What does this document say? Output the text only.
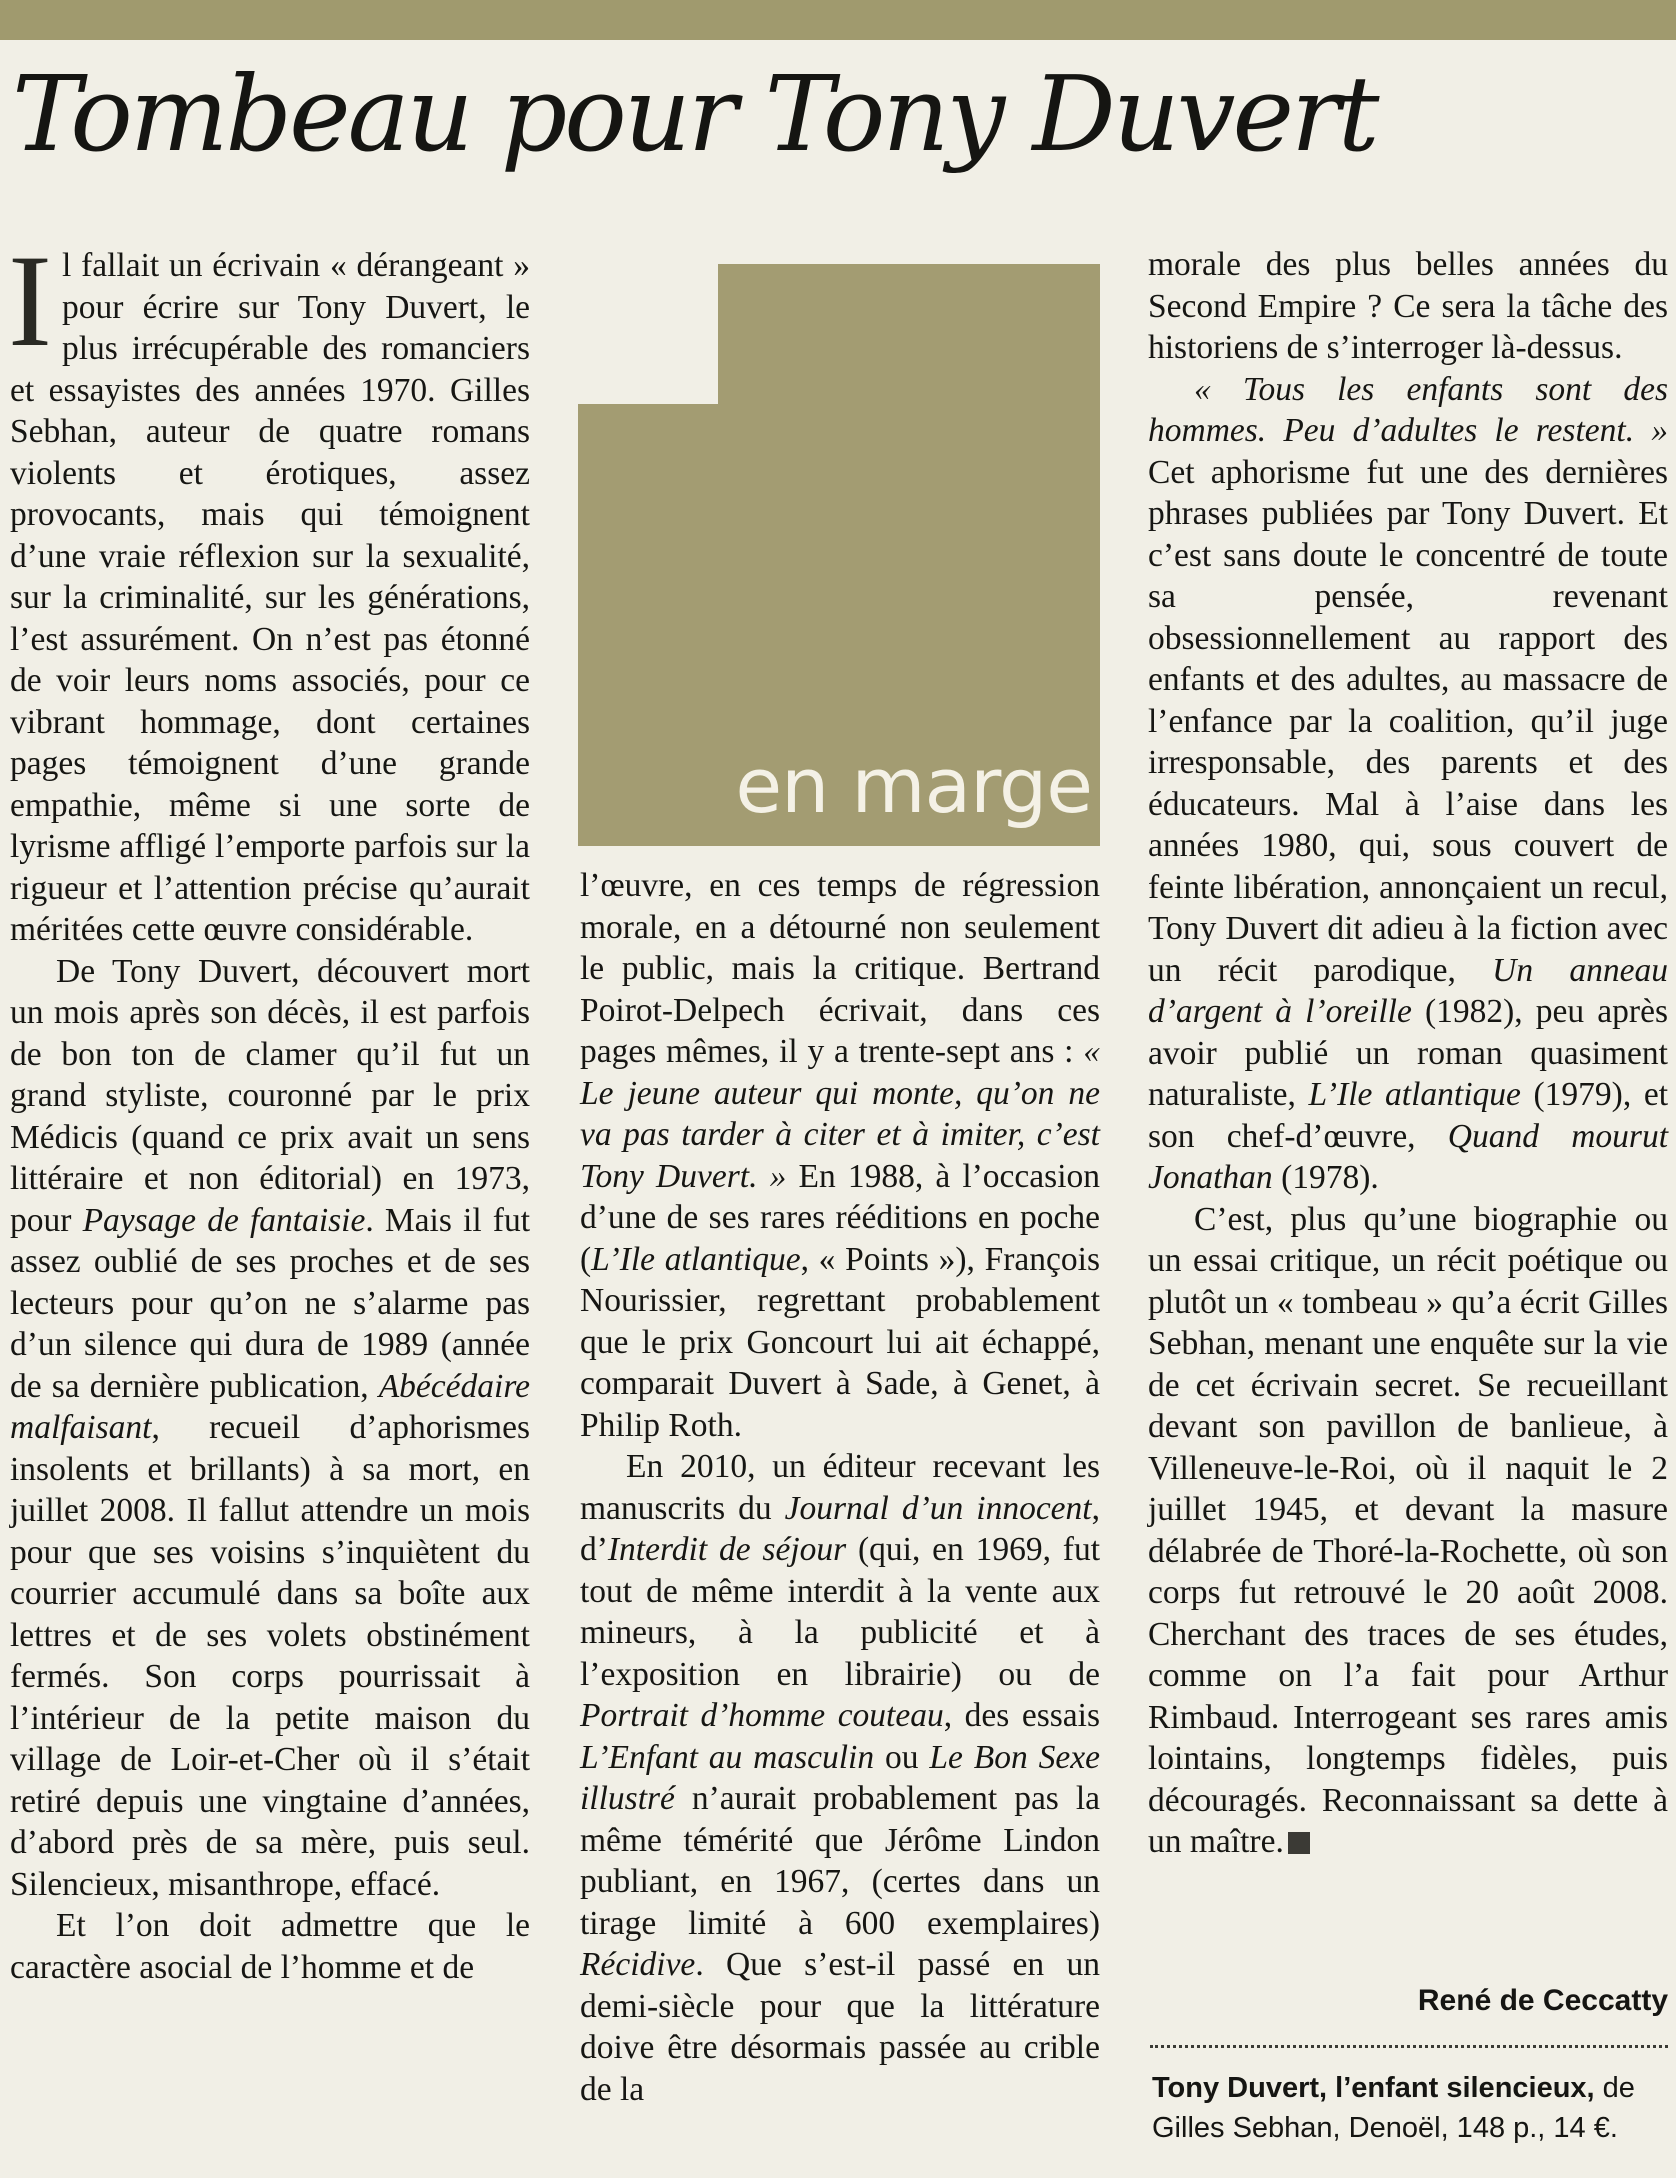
Tombeau pour Tony Duvert

Il fallait un écrivain « dérangeant » pour écrire sur Tony Duvert, le plus irrécupérable des romanciers et essayistes des années 1970. Gilles Sebhan, auteur de quatre romans violents et érotiques, assez provocants, mais qui témoignent d’une vraie réflexion sur la sexualité, sur la criminalité, sur les générations, l’est assurément. On n’est pas étonné de voir leurs noms associés, pour ce vibrant hommage, dont certaines pages témoignent d’une grande empathie, même si une sorte de lyrisme affligé l’emporte parfois sur la rigueur et l’attention précise qu’aurait méritées cette œuvre considérable.

De Tony Duvert, découvert mort un mois après son décès, il est parfois de bon ton de clamer qu’il fut un grand styliste, couronné par le prix Médicis (quand ce prix avait un sens littéraire et non éditorial) en 1973, pour Paysage de fantaisie. Mais il fut assez oublié de ses proches et de ses lecteurs pour qu’on ne s’alarme pas d’un silence qui dura de 1989 (année de sa dernière publication, Abécédaire malfaisant, recueil d’aphorismes insolents et brillants) à sa mort, en juillet 2008. Il fallut attendre un mois pour que ses voisins s’inquiètent du courrier accumulé dans sa boîte aux lettres et de ses volets obstinément fermés. Son corps pourrissait à l’intérieur de la petite maison du village de Loir-et-Cher où il s’était retiré depuis une vingtaine d’années, d’abord près de sa mère, puis seul. Silencieux, misanthrope, effacé.

Et l’on doit admettre que le caractère asocial de l’homme et de

en marge

l’œuvre, en ces temps de régression morale, en a détourné non seulement le public, mais la critique. Bertrand Poirot-Delpech écrivait, dans ces pages mêmes, il y a trente-sept ans : « Le jeune auteur qui monte, qu’on ne va pas tarder à citer et à imiter, c’est Tony Duvert. » En 1988, à l’occasion d’une de ses rares rééditions en poche (L’Ile atlantique, « Points »), François Nourissier, regrettant probablement que le prix Goncourt lui ait échappé, comparait Duvert à Sade, à Genet, à Philip Roth.

En 2010, un éditeur recevant les manuscrits du Journal d’un innocent, d’Interdit de séjour (qui, en 1969, fut tout de même interdit à la vente aux mineurs, à la publicité et à l’exposition en librairie) ou de Portrait d’homme couteau, des essais L’Enfant au masculin ou Le Bon Sexe illustré n’aurait probablement pas la même témérité que Jérôme Lindon publiant, en 1967, (certes dans un tirage limité à 600 exemplaires) Récidive. Que s’est-il passé en un demi-siècle pour que la littérature doive être désormais passée au crible de la

morale des plus belles années du Second Empire ? Ce sera la tâche des historiens de s’interroger là-dessus.

« Tous les enfants sont des hommes. Peu d’adultes le restent. » Cet aphorisme fut une des dernières phrases publiées par Tony Duvert. Et c’est sans doute le concentré de toute sa pensée, revenant obsessionnellement au rapport des enfants et des adultes, au massacre de l’enfance par la coalition, qu’il juge irresponsable, des parents et des éducateurs. Mal à l’aise dans les années 1980, qui, sous couvert de feinte libération, annonçaient un recul, Tony Duvert dit adieu à la fiction avec un récit parodique, Un anneau d’argent à l’oreille (1982), peu après avoir publié un roman quasiment naturaliste, L’Ile atlantique (1979), et son chef-d’œuvre, Quand mourut Jonathan (1978).

C’est, plus qu’une biographie ou un essai critique, un récit poétique ou plutôt un « tombeau » qu’a écrit Gilles Sebhan, menant une enquête sur la vie de cet écrivain secret. Se recueillant devant son pavillon de banlieue, à Villeneuve-le-Roi, où il naquit le 2 juillet 1945, et devant la masure délabrée de Thoré-la-Rochette, où son corps fut retrouvé le 20 août 2008. Cherchant des traces de ses études, comme on l’a fait pour Arthur Rimbaud. Interrogeant ses rares amis lointains, longtemps fidèles, puis découragés. Reconnaissant sa dette à un maître.

René de Ceccatty
Tony Duvert, l’enfant silencieux, de Gilles Sebhan, Denoël, 148 p., 14 €.
